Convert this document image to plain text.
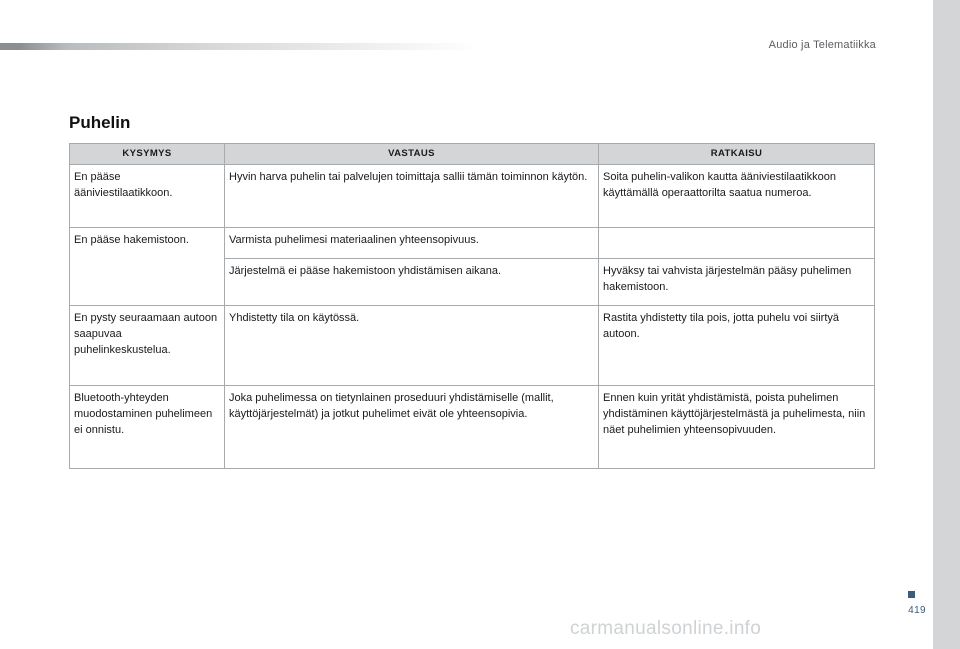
Audio ja Telematiikka
Puhelin
KYSYMYS	VASTAUS	RATKAISU
En pääse ääniviestilaatikkoon.	Hyvin harva puhelin tai palvelujen toimittaja sallii tämän toiminnon käytön.	Soita puhelin-valikon kautta ääniviestilaatikkoon käyttämällä operaattorilta saatua numeroa.
En pääse hakemistoon.	Varmista puhelimesi materiaalinen yhteensopivuus.	
	Järjestelmä ei pääse hakemistoon yhdistämisen aikana.	Hyväksy tai vahvista järjestelmän pääsy puhelimen hakemistoon.
En pysty seuraamaan autoon saapuvaa puhelinkeskustelua.	Yhdistetty tila on käytössä.	Rastita yhdistetty tila pois, jotta puhelu voi siirtyä autoon.
Bluetooth-yhteyden muodostaminen puhelimeen ei onnistu.	Joka puhelimessa on tietynlainen proseduuri yhdistämiselle (mallit, käyttöjärjestelmät) ja jotkut puhelimet eivät ole yhteensopivia.	Ennen kuin yrität yhdistämistä, poista puhelimen yhdistäminen käyttöjärjestelmästä ja puhelimesta, niin näet puhelimien yhteensopivuuden.
419
carmanualsonline.info
